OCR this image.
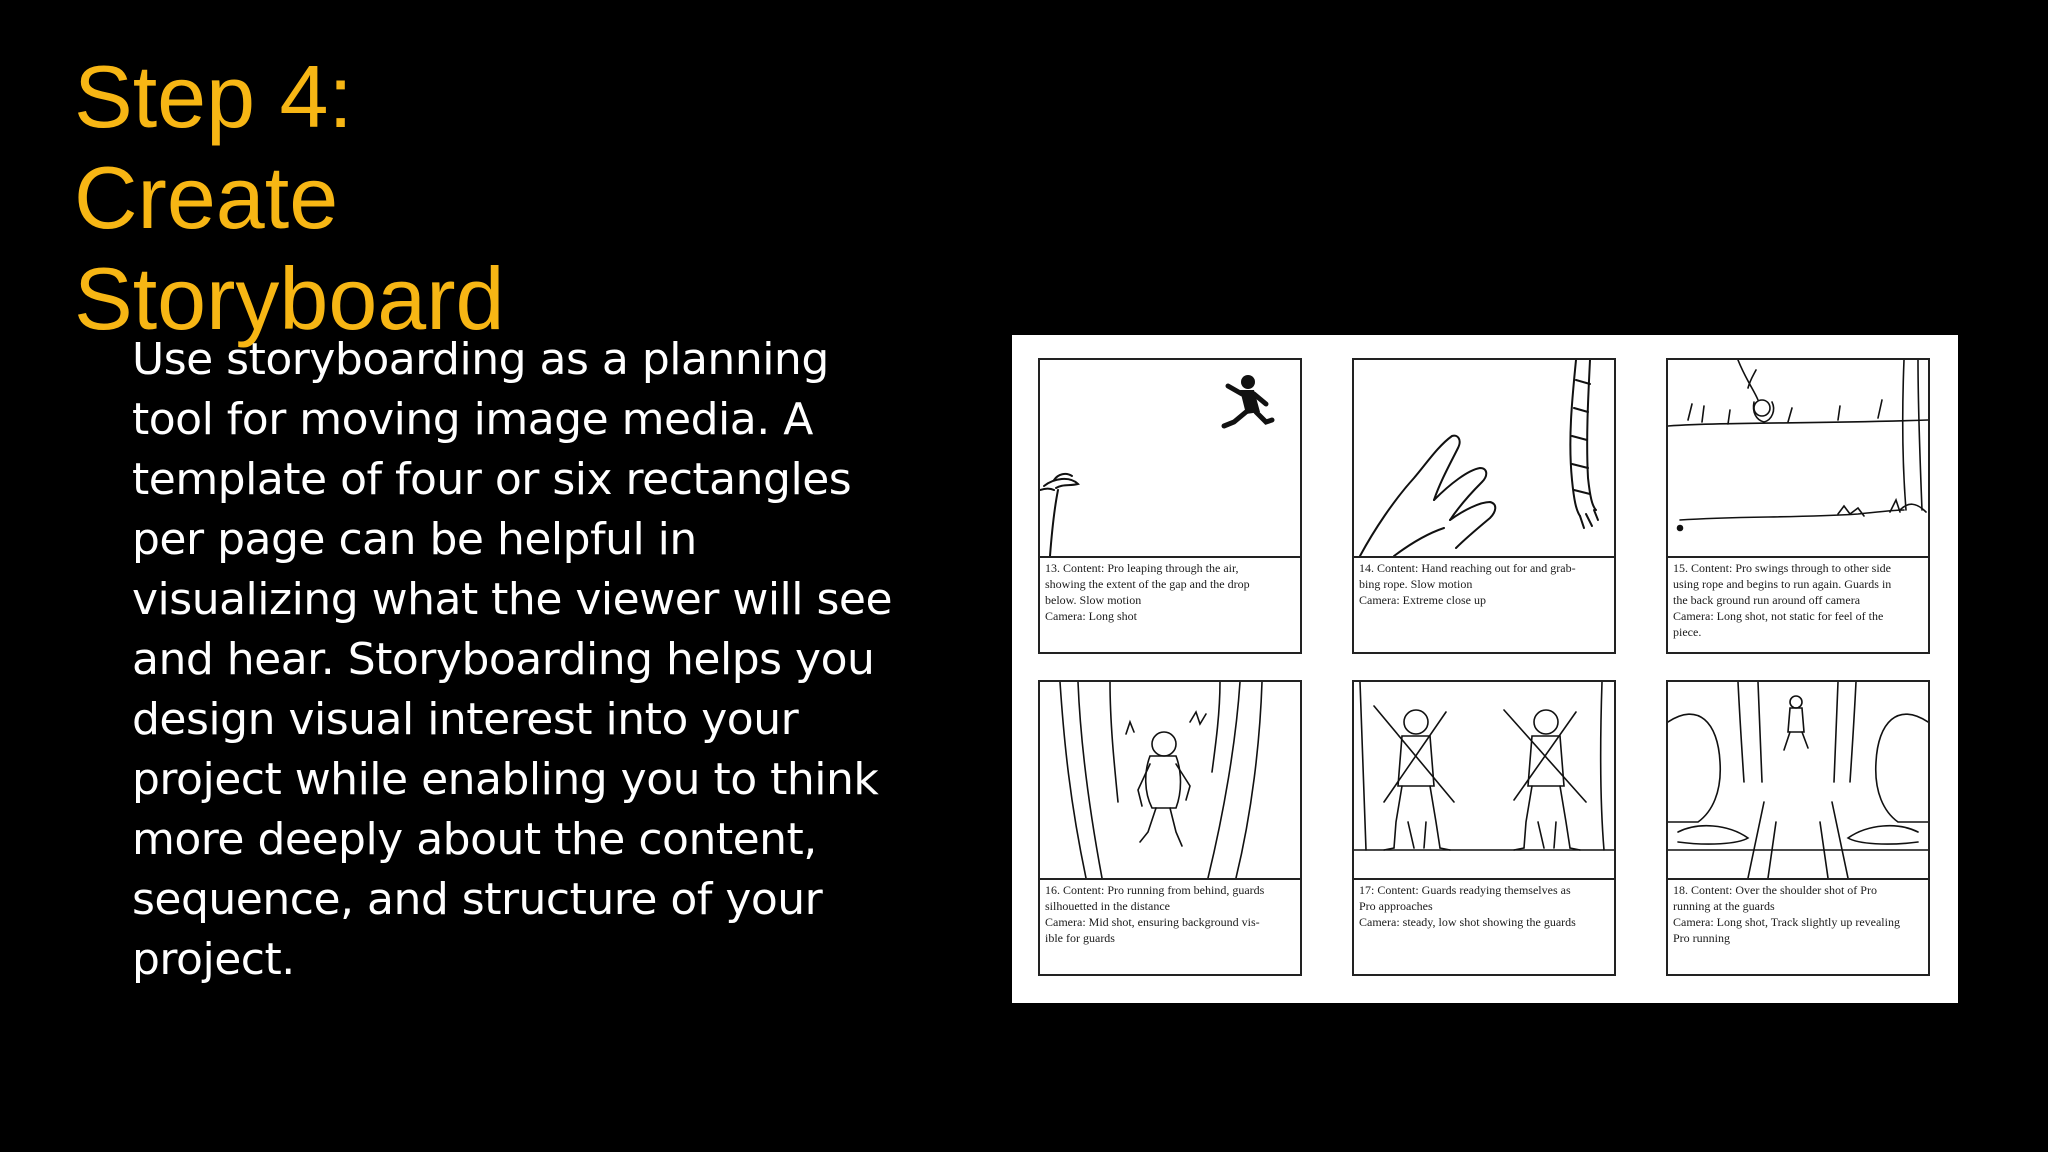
Step 4:
Create
Storyboard

Use storyboarding as a planning
tool for moving image media. A
template of four or six rectangles
per page can be helpful in
visualizing what the viewer will see
and hear. Storyboarding helps you
design visual interest into your
project while enabling you to think
more deeply about the content,
sequence, and structure of your
project.

13. Content: Pro leaping through the air,
showing the extent of the gap and the drop
below. Slow motion
Camera: Long shot

14. Content: Hand reaching out for and grab-
bing rope. Slow motion
Camera: Extreme close up

15. Content: Pro swings through to other side
using rope and begins to run again. Guards in
the back ground run around off camera
Camera: Long shot, not static for feel of the
piece.

16. Content: Pro running from behind, guards
silhouetted in the distance
Camera: Mid shot, ensuring background vis-
ible for guards

17: Content: Guards readying themselves as
Pro approaches
Camera: steady, low shot showing the guards

18. Content: Over the shoulder shot of Pro
running at the guards
Camera: Long shot, Track slightly up revealing
Pro running
